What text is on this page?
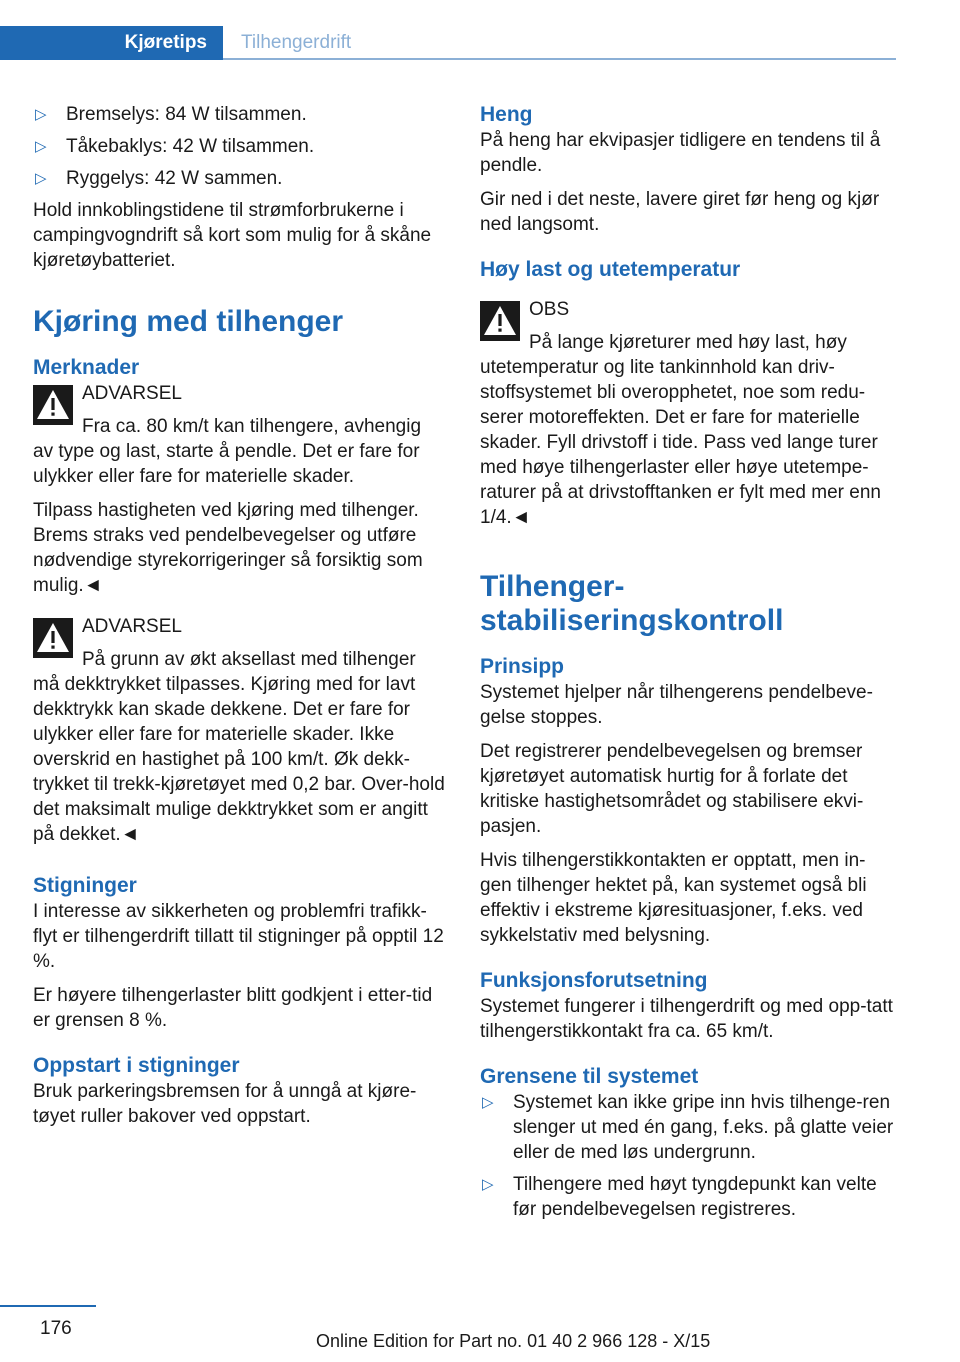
Kjøretips	Tilhengerdrift
▷ Bremselys: 84 W tilsammen.
▷ Tåkebaklys: 42 W tilsammen.
▷ Ryggelys: 42 W sammen.

Hold innkoblingstidene til strømforbrukerne i campingvogndrift så kort som mulig for å skåne kjøretøybatteriet.

Kjøring med tilhenger
Merknader

ADVARSEL

Fra ca. 80 km/t kan tilhengere, avhengig av type og last, starte å pendle. Det er fare for ulykker eller fare for materielle skader.

Tilpass hastigheten ved kjøring med tilhenger. Brems straks ved pendelbevegelser og utføre nødvendige styrekorrigeringer så forsiktig som mulig.◄

ADVARSEL

På grunn av økt aksellast med tilhenger må dekktrykket tilpasses. Kjøring med for lavt dekktrykk kan skade dekkene. Det er fare for ulykker eller fare for materielle skader. Ikke overskrid en hastighet på 100 km/t. Øk dekk-trykket til trekk-kjøretøyet med 0,2 bar. Over-hold det maksimalt mulige dekktrykket som er angitt på dekket.◄

Stigninger

I interesse av sikkerheten og problemfri trafikk-flyt er tilhengerdrift tillatt til stigninger på opptil 12 %.

Er høyere tilhengerlaster blitt godkjent i etter-tid er grensen 8 %.

Oppstart i stigninger

Bruk parkeringsbremsen for å unngå at kjøre-tøyet ruller bakover ved oppstart.

Heng

På heng har ekvipasjer tidligere en tendens til å pendle.

Gir ned i det neste, lavere giret før heng og kjør ned langsomt.

Høy last og utetemperatur

OBS

På lange kjøreturer med høy last, høy utetemperatur og lite tankinnhold kan driv-stoffsystemet bli overopphetet, noe som redu-serer motoreffekten. Det er fare for materielle skader. Fyll drivstoff i tide. Pass ved lange turer med høye tilhengerlaster eller høye utetempe-raturer på at drivstofftanken er fylt med mer enn 1/4.◄

Tilhenger-stabiliseringskontroll
Prinsipp

Systemet hjelper når tilhengerens pendelbeve-gelse stoppes.

Det registrerer pendelbevegelsen og bremser kjøretøyet automatisk hurtig for å forlate det kritiske hastighetsområdet og stabilisere ekvi-pasjen.

Hvis tilhengerstikkontakten er opptatt, men in-gen tilhenger hektet på, kan systemet også bli effektiv i ekstreme kjøresituasjoner, f.eks. ved sykkelstativ med belysning.

Funksjonsforutsetning

Systemet fungerer i tilhengerdrift og med opp-tatt tilhengerstikkontakt fra ca. 65 km/t.

Grensene til systemet
▷ Systemet kan ikke gripe inn hvis tilhenge-ren slenger ut med én gang, f.eks. på glatte veier eller de med løs undergrunn.
▷ Tilhengere med høyt tyngdepunkt kan velte før pendelbevegelsen registreres.
176
Online Edition for Part no. 01 40 2 966 128 - X/15
